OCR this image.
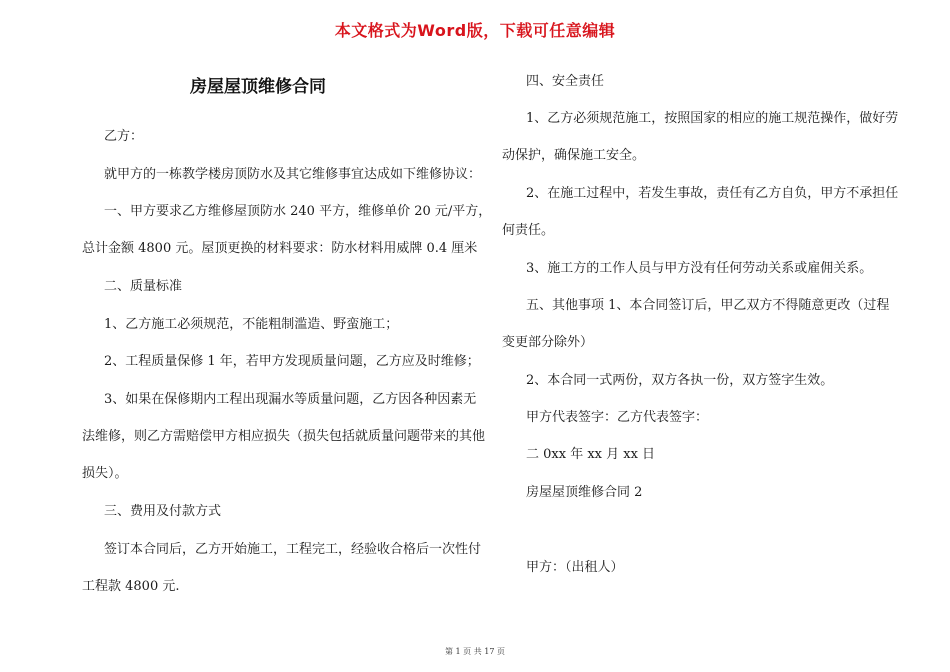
本文格式为Word版，下载可任意编辑
房屋屋顶维修合同
乙方：
就甲方的一栋教学楼房顶防水及其它维修事宜达成如下维修协议：
一、甲方要求乙方维修屋顶防水 240 平方，维修单价 20 元/平方，
总计金额 4800 元。屋顶更换的材料要求：防水材料用威牌 0.4 厘米
二、质量标准
1、乙方施工必须规范，不能粗制滥造、野蛮施工；
2、工程质量保修 1 年，若甲方发现质量问题，乙方应及时维修；
3、如果在保修期内工程出现漏水等质量问题，乙方因各种因素无
法维修，则乙方需赔偿甲方相应损失（损失包括就质量问题带来的其他
损失）。
三、费用及付款方式
签订本合同后，乙方开始施工，工程完工，经验收合格后一次性付
工程款 4800 元.
四、安全责任
1、乙方必须规范施工，按照国家的相应的施工规范操作，做好劳
动保护，确保施工安全。
2、在施工过程中，若发生事故，责任有乙方自负，甲方不承担任
何责任。
3、施工方的工作人员与甲方没有任何劳动关系或雇佣关系。
五、其他事项 1、本合同签订后，甲乙双方不得随意更改（过程
变更部分除外）
2、本合同一式两份，双方各执一份，双方签字生效。
甲方代表签字：乙方代表签字：
二 0xx 年 xx 月 xx 日
房屋屋顶维修合同 2
甲方：（出租人）
第 1 页 共 17 页
